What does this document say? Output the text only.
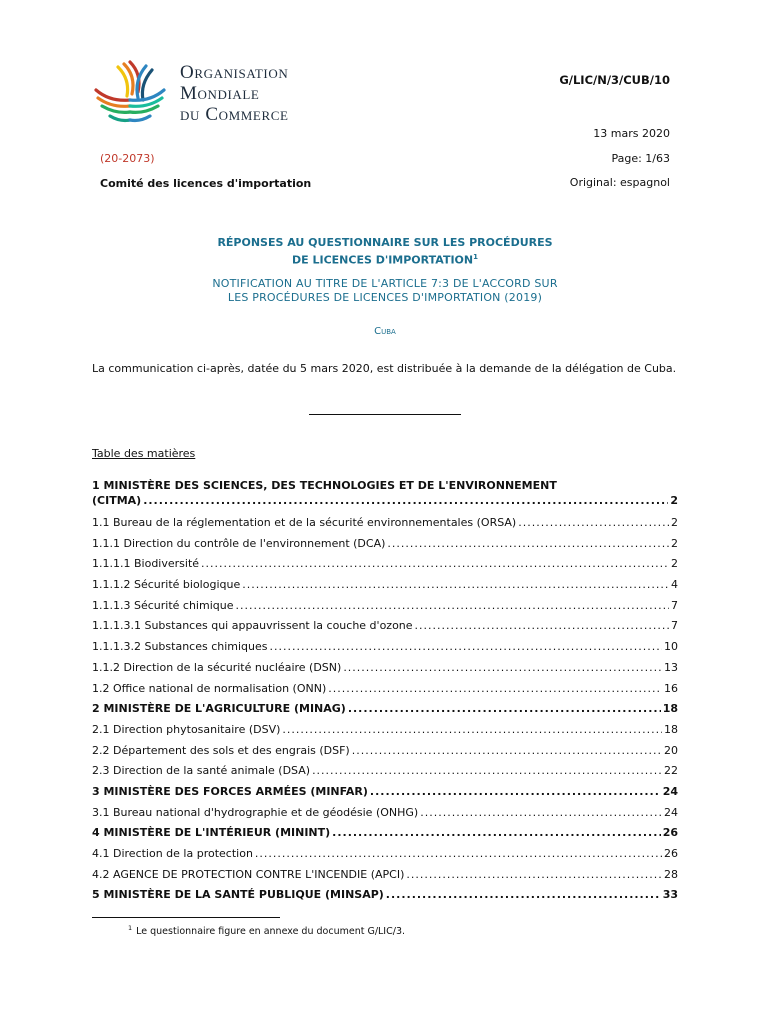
Organisation
Mondiale
du Commerce
G/LIC/N/3/CUB/10
13 mars 2020
(20-2073)	Page: 1/63
Comité des licences d'importation	Original: espagnol
RÉPONSES AU QUESTIONNAIRE SUR LES PROCÉDURES
DE LICENCES D'IMPORTATION$^1$
NOTIFICATION AU TITRE DE L'ARTICLE 7:3 DE L'ACCORD SUR
LES PROCÉDURES DE LICENCES D'IMPORTATION (2019)
Cuba
La communication ci-après, datée du 5 mars 2020, est distribuée à la demande de la délégation de Cuba.
Table des matières
1 MINISTÈRE DES SCIENCES, DES TECHNOLOGIES ET DE L'ENVIRONNEMENT
(CITMA) .....	2
1.1 Bureau de la réglementation et de la sécurité environnementales (ORSA) .....	2
1.1.1 Direction du contrôle de l'environnement (DCA) .....	2
1.1.1.1 Biodiversité .....	2
1.1.1.2 Sécurité biologique .....	4
1.1.1.3 Sécurité chimique .....	7
1.1.1.3.1 Substances qui appauvrissent la couche d'ozone .....	7
1.1.1.3.2 Substances chimiques .....	10
1.1.2 Direction de la sécurité nucléaire (DSN) .....	13
1.2 Office national de normalisation (ONN) .....	16
2 MINISTÈRE DE L'AGRICULTURE (MINAG) .....	18
2.1 Direction phytosanitaire (DSV) .....	18
2.2 Département des sols et des engrais (DSF) .....	20
2.3 Direction de la santé animale (DSA) .....	22
3 MINISTÈRE DES FORCES ARMÉES (MINFAR) .....	24
3.1 Bureau national d'hydrographie et de géodésie (ONHG) .....	24
4 MINISTÈRE DE L'INTÉRIEUR (MININT) .....	26
4.1 Direction de la protection .....	26
4.2 AGENCE DE PROTECTION CONTRE L'INCENDIE (APCI) .....	28
5 MINISTÈRE DE LA SANTÉ PUBLIQUE (MINSAP) .....	33
$^1$ Le questionnaire figure en annexe du document G/LIC/3.
